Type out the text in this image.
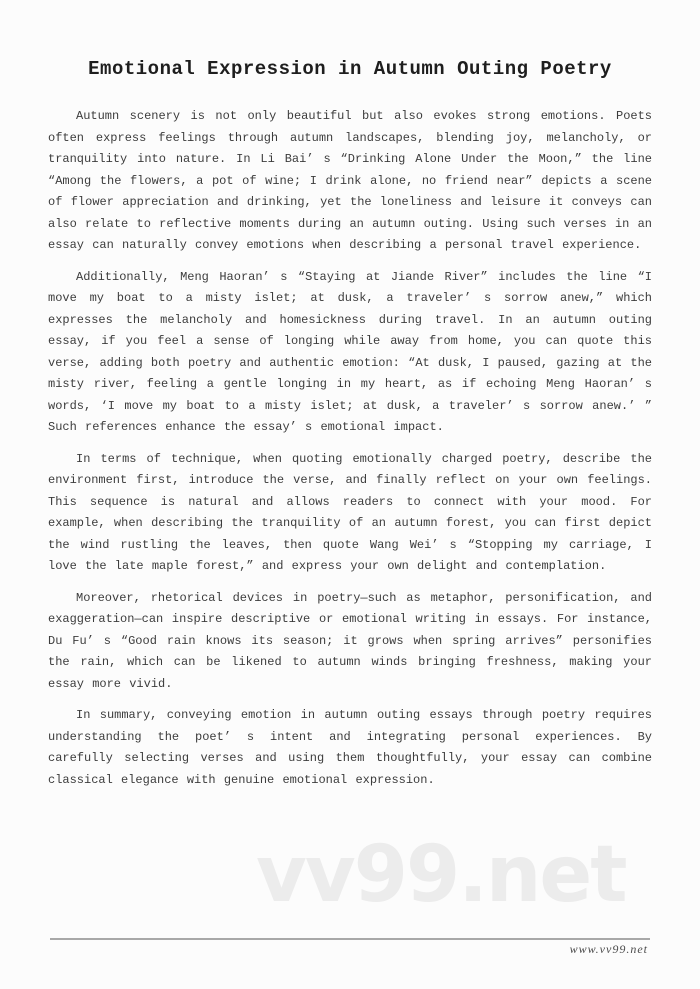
Emotional Expression in Autumn Outing Poetry

Autumn scenery is not only beautiful but also evokes strong emotions. Poets often express feelings through autumn landscapes, blending joy, melancholy, or tranquility into nature. In Li Bai’ s “Drinking Alone Under the Moon,” the line “Among the flowers, a pot of wine; I drink alone, no friend near” depicts a scene of flower appreciation and drinking, yet the loneliness and leisure it conveys can also relate to reflective moments during an autumn outing. Using such verses in an essay can naturally convey emotions when describing a personal travel experience.

Additionally, Meng Haoran’ s “Staying at Jiande River” includes the line “I move my boat to a misty islet; at dusk, a traveler’ s sorrow anew,” which expresses the melancholy and homesickness during travel. In an autumn outing essay, if you feel a sense of longing while away from home, you can quote this verse, adding both poetry and authentic emotion: “At dusk, I paused, gazing at the misty river, feeling a gentle longing in my heart, as if echoing Meng Haoran’ s words, ‘I move my boat to a misty islet; at dusk, a traveler’ s sorrow anew.’ ” Such references enhance the essay’ s emotional impact.

In terms of technique, when quoting emotionally charged poetry, describe the environment first, introduce the verse, and finally reflect on your own feelings. This sequence is natural and allows readers to connect with your mood. For example, when describing the tranquility of an autumn forest, you can first depict the wind rustling the leaves, then quote Wang Wei’ s “Stopping my carriage, I love the late maple forest,” and express your own delight and contemplation.

Moreover, rhetorical devices in poetry—such as metaphor, personification, and exaggeration—can inspire descriptive or emotional writing in essays. For instance, Du Fu’ s “Good rain knows its season; it grows when spring arrives” personifies the rain, which can be likened to autumn winds bringing freshness, making your essay more vivid.

In summary, conveying emotion in autumn outing essays through poetry requires understanding the poet’ s intent and integrating personal experiences. By carefully selecting verses and using them thoughtfully, your essay can combine classical elegance with genuine emotional expression.

vv99.net
www.vv99.net
